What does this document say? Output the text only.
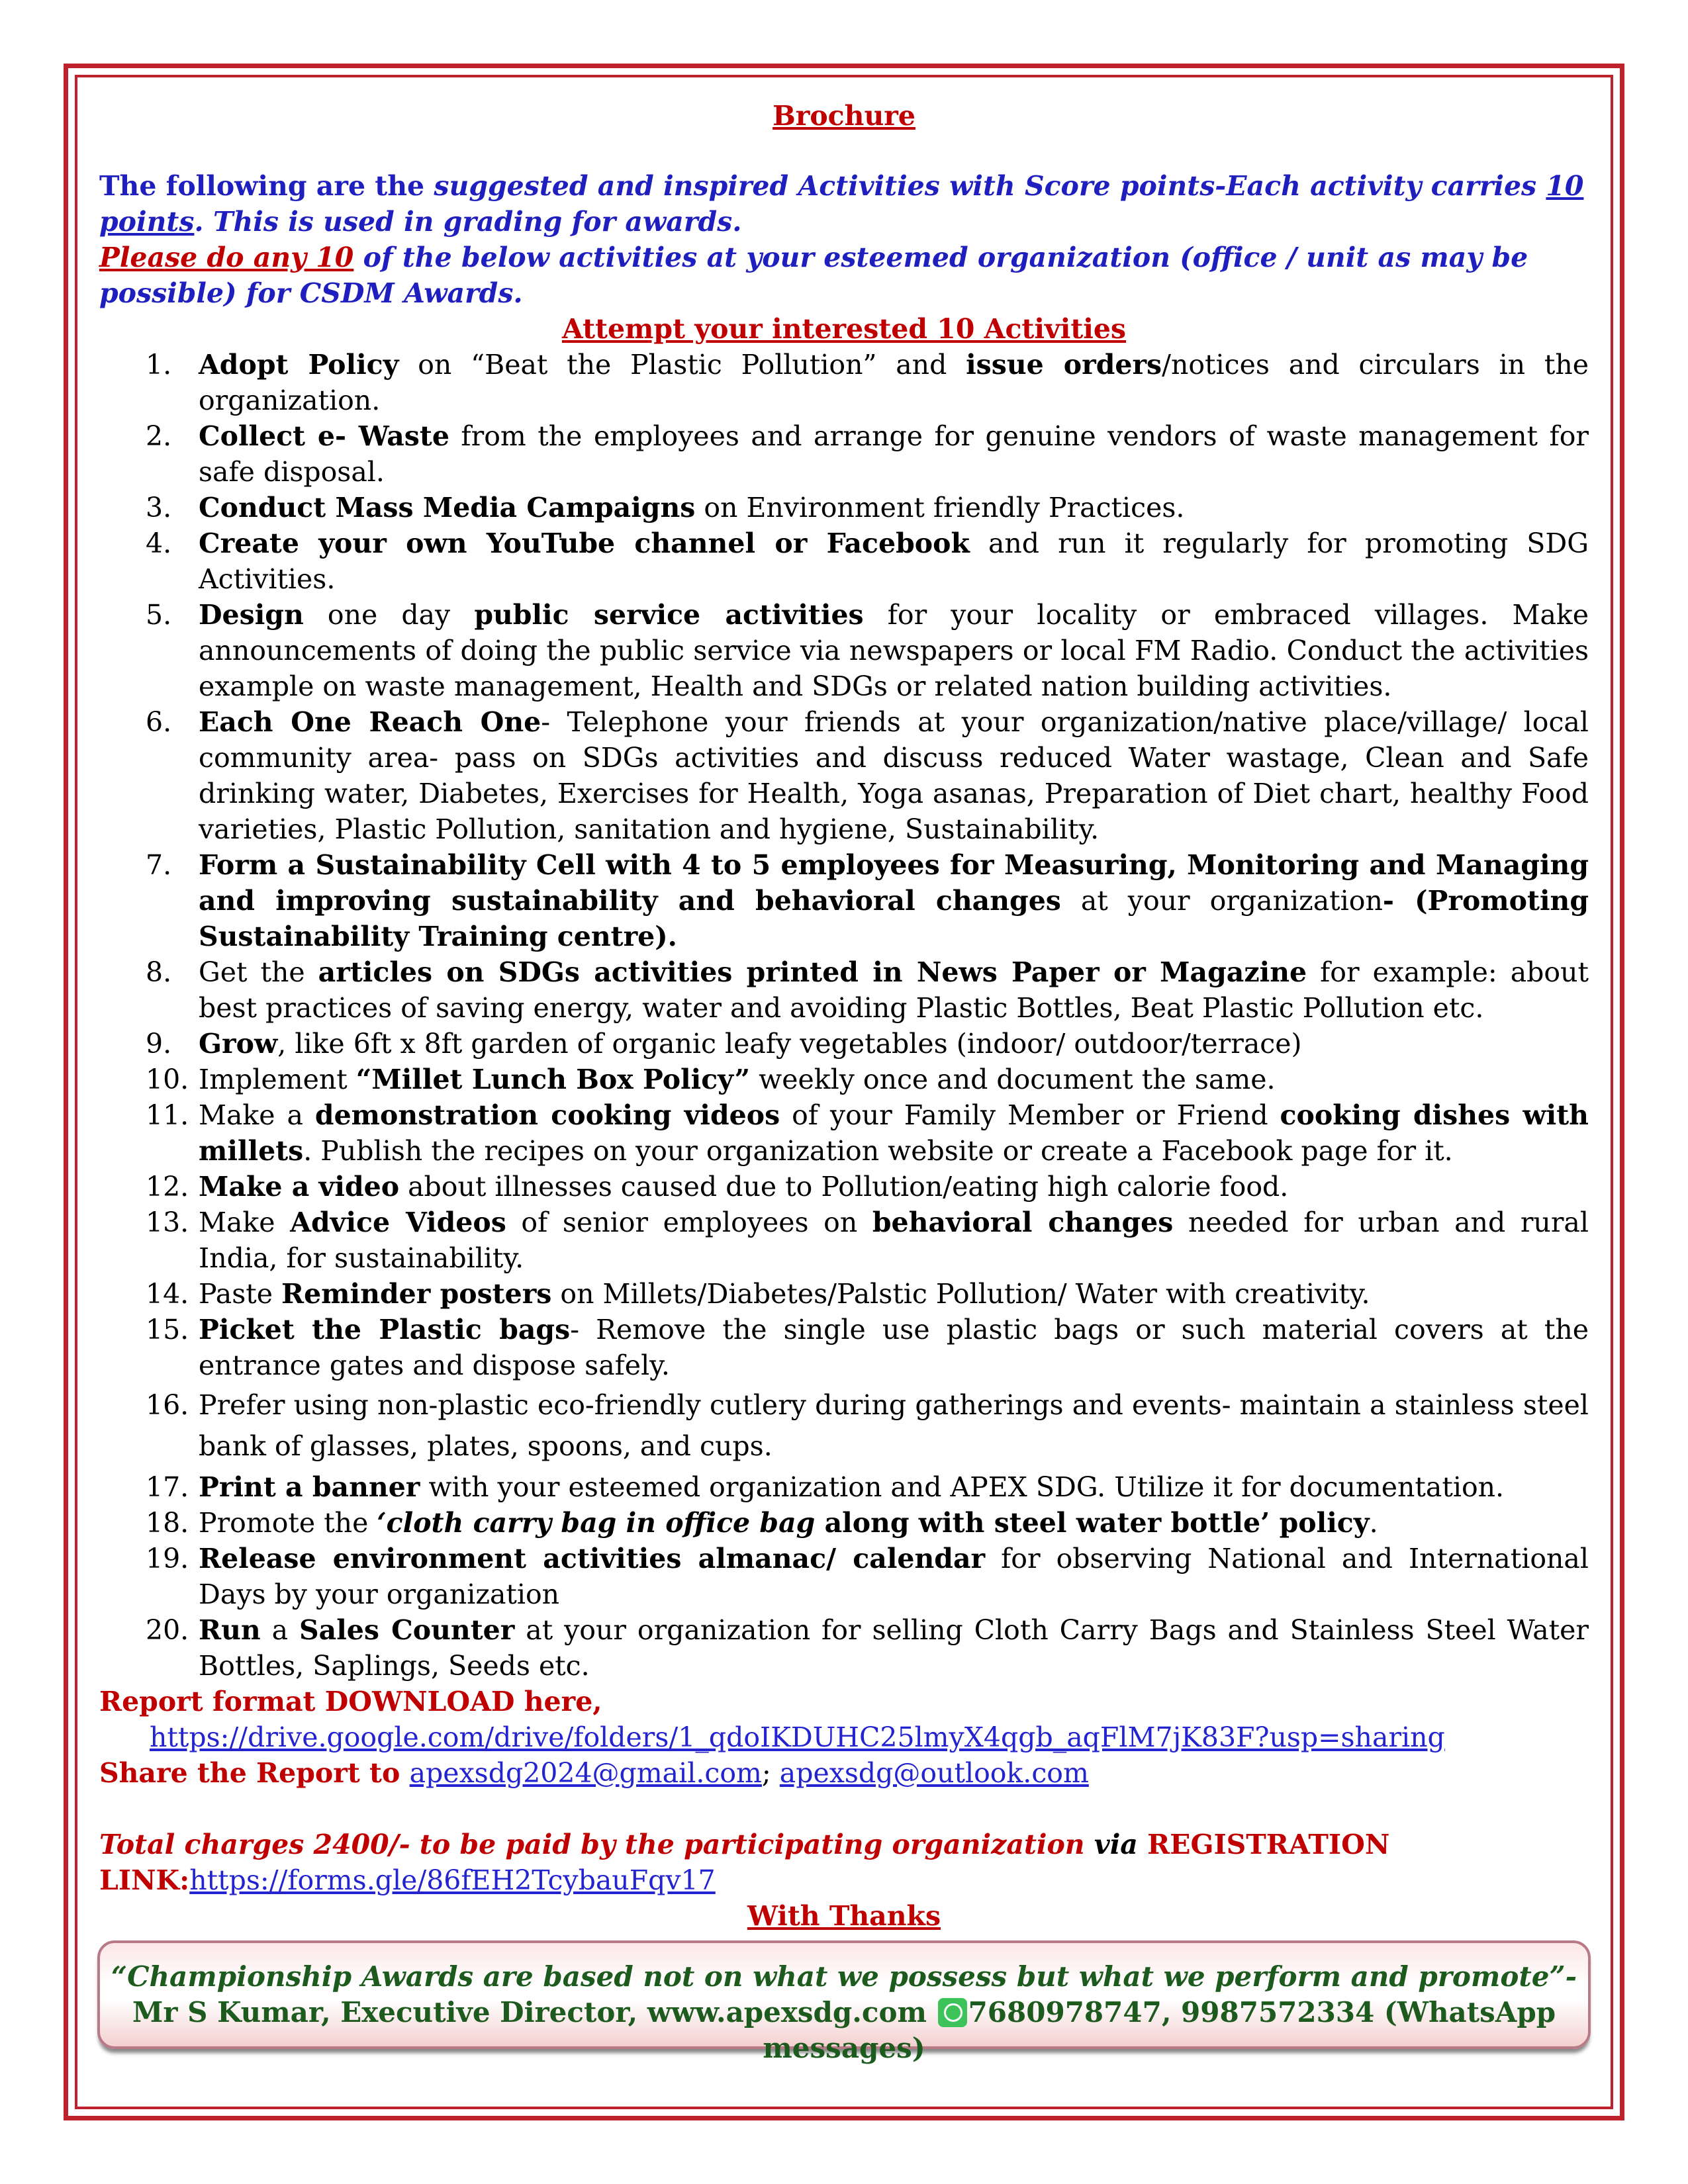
Brochure

The following are the suggested and inspired Activities with Score points-Each activity carries 10 points. This is used in grading for awards.
Please do any 10 of the below activities at your esteemed organization (office / unit as may be possible) for CSDM Awards.

Attempt your interested 10 Activities
1. Adopt Policy on “Beat the Plastic Pollution” and issue orders/notices and circulars in the organization.
2. Collect e- Waste from the employees and arrange for genuine vendors of waste management for safe disposal.
3. Conduct Mass Media Campaigns on Environment friendly Practices.
4. Create your own YouTube channel or Facebook and run it regularly for promoting SDG Activities.
5. Design one day public service activities for your locality or embraced villages. Make announcements of doing the public service via newspapers or local FM Radio. Conduct the activities example on waste management, Health and SDGs or related nation building activities.
6. Each One Reach One- Telephone your friends at your organization/native place/village/ local community area- pass on SDGs activities and discuss reduced Water wastage, Clean and Safe drinking water, Diabetes, Exercises for Health, Yoga asanas, Preparation of Diet chart, healthy Food varieties, Plastic Pollution, sanitation and hygiene, Sustainability.
7. Form a Sustainability Cell with 4 to 5 employees for Measuring, Monitoring and Managing and improving sustainability and behavioral changes at your organization- (Promoting Sustainability Training centre).
8. Get the articles on SDGs activities printed in News Paper or Magazine for example: about best practices of saving energy, water and avoiding Plastic Bottles, Beat Plastic Pollution etc.
9. Grow, like 6ft x 8ft garden of organic leafy vegetables (indoor/ outdoor/terrace)
10. Implement “Millet Lunch Box Policy” weekly once and document the same.
11. Make a demonstration cooking videos of your Family Member or Friend cooking dishes with millets. Publish the recipes on your organization website or create a Facebook page for it.
12. Make a video about illnesses caused due to Pollution/eating high calorie food.
13. Make Advice Videos of senior employees on behavioral changes needed for urban and rural India, for sustainability.
14. Paste Reminder posters on Millets/Diabetes/Palstic Pollution/ Water with creativity.
15. Picket the Plastic bags- Remove the single use plastic bags or such material covers at the entrance gates and dispose safely.
16. Prefer using non-plastic eco-friendly cutlery during gatherings and events- maintain a stainless steel bank of glasses, plates, spoons, and cups.
17. Print a banner with your esteemed organization and APEX SDG. Utilize it for documentation.
18. Promote the ‘cloth carry bag in office bag along with steel water bottle’ policy.
19. Release environment activities almanac/ calendar for observing National and International Days by your organization
20. Run a Sales Counter at your organization for selling Cloth Carry Bags and Stainless Steel Water Bottles, Saplings, Seeds etc.

Report format DOWNLOAD here,

https://drive.google.com/drive/folders/1_qdoIKDUHC25lmyX4qgb_aqFlM7jK83F?usp=sharing

Share the Report to apexsdg2024@gmail.com; apexsdg@outlook.com

Total charges 2400/- to be paid by the participating organization via REGISTRATION

LINK:https://forms.gle/86fEH2TcybauFqv17

With Thanks

“Championship Awards are based not on what we possess but what we perform and promote”-
Mr S Kumar, Executive Director, www.apexsdg.com 7680978747, 9987572334 (WhatsApp messages)
